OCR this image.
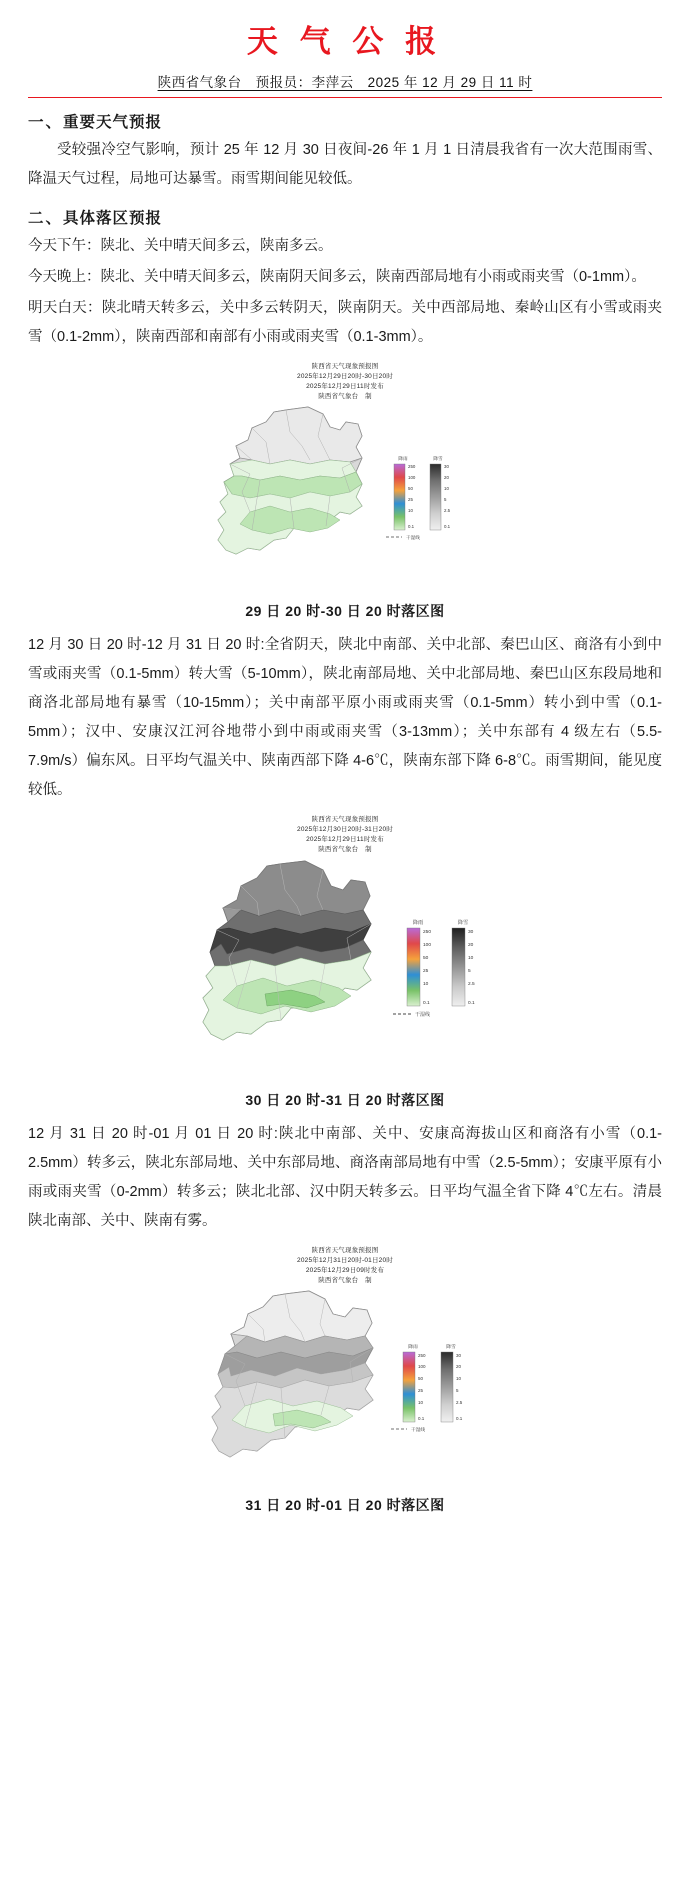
天 气 公 报
陕西省气象台　预报员：李萍云　2025 年 12 月 29 日 11 时
一、重要天气预报

受较强冷空气影响，预计 25 年 12 月 30 日夜间-26 年 1 月 1 日清晨我省有一次大范围雨雪、降温天气过程，局地可达暴雪。雨雪期间能见较低。

二、具体落区预报

今天下午：陕北、关中晴天间多云，陕南多云。

今天晚上：陕北、关中晴天间多云，陕南阴天间多云，陕南西部局地有小雨或雨夹雪（0-1mm）。

明天白天：陕北晴天转多云，关中多云转阴天，陕南阴天。关中西部局地、秦岭山区有小雪或雨夹雪（0.1-2mm），陕南西部和南部有小雨或雨夹雪（0.1-3mm）。

陕西省天气现象预报图
2025年12月29日20时-30日20时
2025年12月29日11时发布
陕西省气象台　制
降雨	降雪
250
100
50
25
10
0.1
30
20
10
5
2.5
0.1
干湿线
29 日 20 时-30 日 20 时落区图

12 月 30 日 20 时-12 月 31 日 20 时:全省阴天，陕北中南部、关中北部、秦巴山区、商洛有小到中雪或雨夹雪（0.1-5mm）转大雪（5-10mm），陕北南部局地、关中北部局地、秦巴山区东段局地和商洛北部局地有暴雪（10-15mm）；关中南部平原小雨或雨夹雪（0.1-5mm）转小到中雪（0.1-5mm）；汉中、安康汉江河谷地带小到中雨或雨夹雪（3-13mm）；关中东部有 4 级左右（5.5-7.9m/s）偏东风。日平均气温关中、陕南西部下降 4-6℃，陕南东部下降 6-8℃。雨雪期间，能见度较低。

陕西省天气现象预报图
2025年12月30日20时-31日20时
2025年12月29日11时发布
陕西省气象台　制
降雨	降雪
250
100
50
25
10
0.1
30
20
10
5
2.5
0.1
干湿线
30 日 20 时-31 日 20 时落区图

12 月 31 日 20 时-01 月 01 日 20 时:陕北中南部、关中、安康高海拔山区和商洛有小雪（0.1-2.5mm）转多云，陕北东部局地、关中东部局地、商洛南部局地有中雪（2.5-5mm）；安康平原有小雨或雨夹雪（0-2mm）转多云；陕北北部、汉中阴天转多云。日平均气温全省下降 4℃左右。清晨陕北南部、关中、陕南有雾。

陕西省天气现象预报图
2025年12月31日20时-01日20时
2025年12月29日09时发布
陕西省气象台　制
降雨	降雪
250
100
50
25
10
0.1
30
20
10
5
2.5
0.1
干湿线
31 日 20 时-01 日 20 时落区图
